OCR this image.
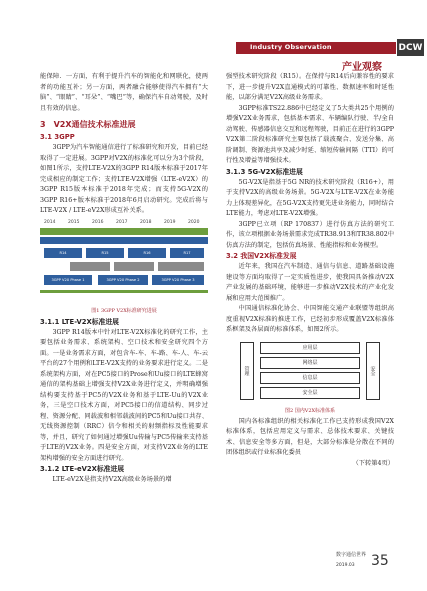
Industry Observation	DCW
产业观察

能保障．一方面，有利于提升汽车的智能化和网联化，使两者的功能互补；另一方面，两者融合能够使得汽车拥有“大脑”、“眼睛”、“耳朵”、“嘴巴”等，确保汽车自动驾驶，及时且有效的信息。

3　V2X通信技术标准进展
3.1 3GPP

3GPP为汽车智能通信进行了标准研究和开发，目前已经取得了一定进展。3GPP对V2X的标准化可以分为3个阶段，如图1所示，支持LTE-V2X的3GPP R14版本标准于2017年完成相应的制定工作；支持LTE-V2X增强（LTE-eV2X）的3GPP R15版本标准于2018年完成；而支持5G-V2X的3GPP R16+版本标准于2018年6月启动研究。完成后将与LTE-V2X / LTE-eV2X形成互补关系。

2014	2015	2016	2017	2018	2019	2020
R14	R15	R16	R17
3GPP V2X Phase 1	3GPP V2X Phase 2	3GPP V2X Phase 3
图1 3GPP V2X标准研究进展
3.1.1 LTE-V2X标准进展

3GPP R14版本中针对LTE-V2X标准化的研究工作，主要包括业务需求、系统架构、空口技术和安全研究四个方面。一是业务需求方面，对包含车-车、车-路、车-人、车-云平台的27个用例和LTE-V2X支持的业务要求进行定义。二是系统架构方面，对在PC5接口的Prose和Uu接口的LTE蜂窝通信的架构基础上增强支持V2X业务进行定义，并明确增强结构要支持基于PC5的V2X业务和基于LTE-Uu的V2X业务，三是空口技术方面，对PC5接口的信道结构、同步过程、资源分配、同载波和相邻载波间的PC5和Uu接口共存、无线资源控制（RRC）信令和相关的射频指标及性能要求等，并且，研究了如何通过增强Uu传输与PC5传输来支持基于LTE的V2X业务。四是安全方面，对支持V2X业务的LTE架构增强的安全方面进行研究。

3.1.2 LTE-eV2X标准进展

LTE-eV2X是指支持V2X高级业务场景的增

强型技术研究阶段（R15）。在保持与R14后向兼容性的要求下，进一步提升V2X直通模式的可靠性、数据速率和时延性能，以部分满足V2X高级业务需求。

3GPP标准TS22.886中已经定义了5大类共25个用例的增强V2X业务需求，包括基本需求、车辆编队行驶、半/全自动驾驶、传感器信息交互和远程驾驶，目前正在进行的3GPP V2X第二阶段标准研究主要包括了载波聚合、发送分集、高阶调制、资源池共享及减少时延、缩短传输间隔（TTI）的可行性及增益等增强技术。

3.1.3 5G-V2X标准进展

5G-V2X是指基于5G NR的技术研究阶段（R16+），用于支持V2X的高级业务场景。5G-V2X与LTE-V2X在业务能力上体现差异化，在5G-V2X支持更先进业务能力，同时结合LTE能力，考虑对LTE-V2X增强。

3GPP已立项（RP 170837）进行仿真方法的研究工作，该立项根据业务场景需求完成TR38.913和TR38.802中仿真方法的制定，包括仿真场景、性能指标和业务模型。

3.2 我国V2X标准发展

近年来，我国在汽车制造、通信与信息、道路基础设施建设等方面均取得了一定实质性进步，使我国具备推动V2X产业发展的基础环境，能够进一步推动V2X技术的产业化发展和应用大范围推广。

中国通信标准化协会、中国智能交通产业联盟等组织高度重视V2X标准的推进工作，已经初步形成覆盖V2X标准体系框架及各层面的标准体系，如图2所示。

管理	安全
应用层
网络层
信息层
安全层
图2 国内V2X标准体系

国内各标准组织的相关标准化工作已支持形成我国V2X标准体系，包括应用定义与需求、总体技术要求、关键技术、信息安全等多方面，但是，大部分标准是分散在不同的团体组织或行业标准化委员

（下转第4页）

数字通信世界
2019.03 35
